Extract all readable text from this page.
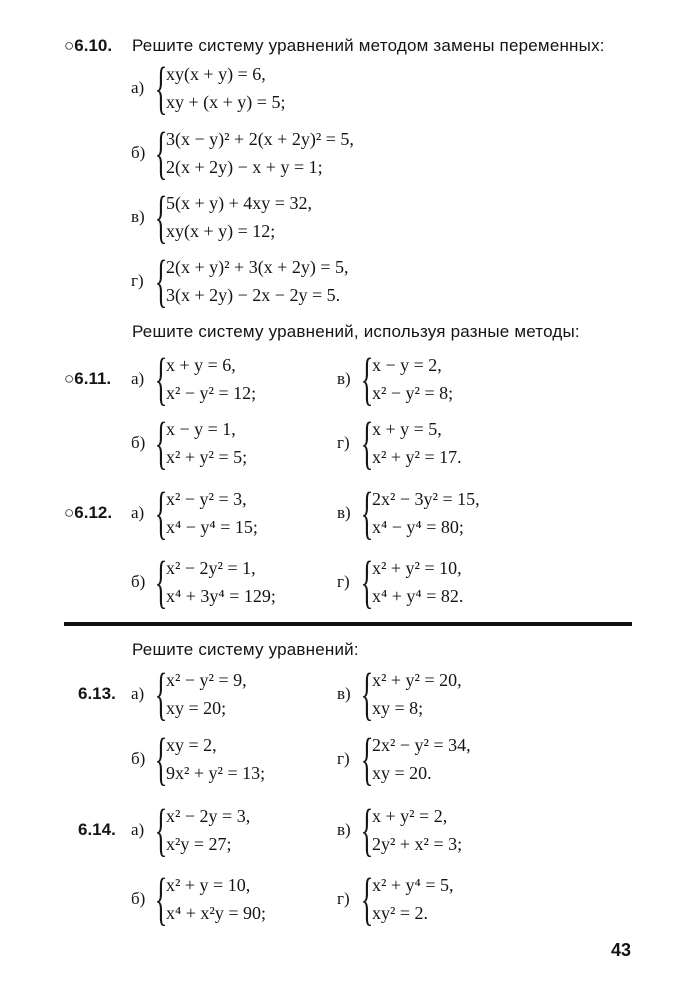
○6.10. Решите систему уравнений методом замены переменных:
а) {
xy(x + y) = 6,
xy + (x + y) = 5;
б) {
3(x − y)² + 2(x + 2y)² = 5,
2(x + 2y) − x + y = 1;
в) {
5(x + y) + 4xy = 32,
xy(x + y) = 12;
г) {
2(x + y)² + 3(x + 2y) = 5,
3(x + 2y) − 2x − 2y = 5.
Решите систему уравнений, используя разные методы:
○6.11. а) {
x + y = 6,
x² − y² = 12;
в) {
x − y = 2,
x² − y² = 8;
б) {
x − y = 1,
x² + y² = 5;
г) {
x + y = 5,
x² + y² = 17.
○6.12. а) {
x² − y² = 3,
x⁴ − y⁴ = 15;
в) {
2x² − 3y² = 15,
x⁴ − y⁴ = 80;
б) {
x² − 2y² = 1,
x⁴ + 3y⁴ = 129;
г) {
x² + y² = 10,
x⁴ + y⁴ = 82.
Решите систему уравнений:
6.13. а) {
x² − y² = 9,
xy = 20;
в) {
x² + y² = 20,
xy = 8;
б) {
xy = 2,
9x² + y² = 13;
г) {
2x² − y² = 34,
xy = 20.
6.14. а) {
x² − 2y = 3,
x²y = 27;
в) {
x + y² = 2,
2y² + x² = 3;
б) {
x² + y = 10,
x⁴ + x²y = 90;
г) {
x² + y⁴ = 5,
xy² = 2.
43
